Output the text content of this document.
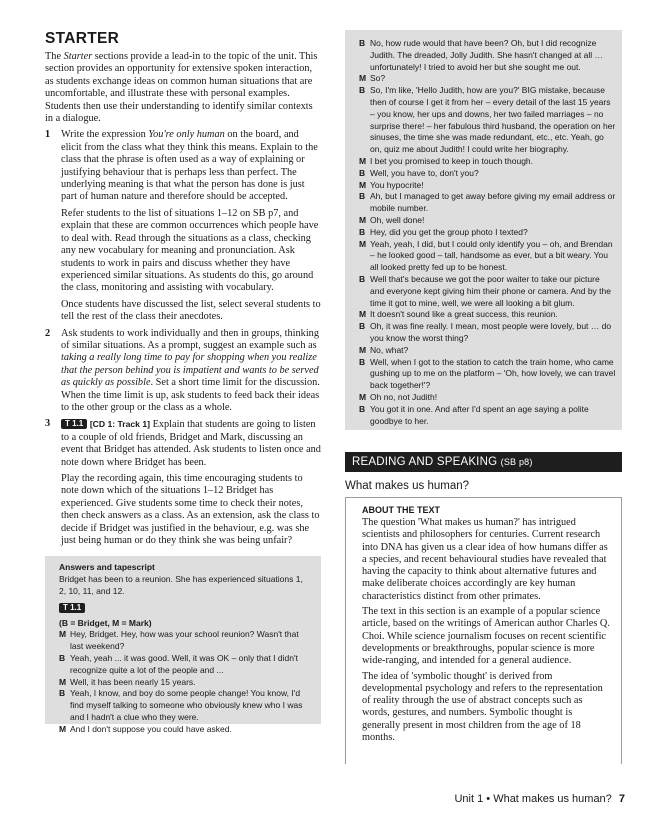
STARTER

The Starter sections provide a lead-in to the topic of the unit. This section provides an opportunity for extensive spoken interaction, as students exchange ideas on common human situations that are uncomfortable, and illustrate these with personal examples. Students then use their understanding to identify similar contexts in a dialogue.

1 Write the expression You're only human on the board, and elicit from the class what they think this means. Explain to the class that the phrase is often used as a way of explaining or justifying behaviour that is perhaps less than perfect. The underlying meaning is that what the person has done is just part of human nature and therefore should be accepted.

Refer students to the list of situations 1–12 on SB p7, and explain that these are common occurrences which people have to deal with. Read through the situations as a class, checking any new vocabulary for meaning and pronunciation. Ask students to work in pairs and discuss whether they have experienced similar situations. As students do this, go around the class, monitoring and assisting with vocabulary.

Once students have discussed the list, select several students to tell the rest of the class their anecdotes.

2 Ask students to work individually and then in groups, thinking of similar situations. As a prompt, suggest an example such as taking a really long time to pay for shopping when you realize that the person behind you is impatient and wants to be served as quickly as possible. Set a short time limit for the discussion. When the time limit is up, ask students to feed back their ideas to the other group or the class as a whole.

3	T 1.1 [CD 1: Track 1] Explain that students are going to listen to a couple of old friends, Bridget and Mark, discussing an event that Bridget has attended. Ask students to listen once and note down where Bridget has been.

Play the recording again, this time encouraging students to note down which of the situations 1–12 Bridget has experienced. Give students some time to check their notes, then check answers as a class. As an extension, ask the class to decide if Bridget was justified in the behaviour, e.g. was she just being human or do they think she was being unfair?

Answers and tapescript
Bridget has been to a reunion. She has experienced situations 1, 2, 10, 11, and 12.
T 1.1
(B = Bridget, M = Mark)
M Hey, Bridget. Hey, how was your school reunion? Wasn't that last weekend?
B Yeah, yeah ... it was good. Well, it was OK – only that I didn't recognize quite a lot of the people and ...
M Well, it has been nearly 15 years.
B Yeah, I know, and boy do some people change! You know, I'd find myself talking to someone who obviously knew who I was and I hadn't a clue who they were.
M And I don't suppose you could have asked.
B No, how rude would that have been? Oh, but I did recognize Judith. The dreaded, Jolly Judith. She hasn't changed at all … unfortunately! I tried to avoid her but she sought me out.
M So?
B So, I'm like, 'Hello Judith, how are you?' BIG mistake, because then of course I get it from her – every detail of the last 15 years – you know, her ups and downs, her two failed marriages – no surprise there! – her fabulous third husband, the operation on her sinuses, the time she was made redundant, etc., etc. Yeah, go on, quiz me about Judith! I could write her biography.
M I bet you promised to keep in touch though.
B Well, you have to, don't you?
M You hypocrite!
B Ah, but I managed to get away before giving my email address or mobile number.
M Oh, well done!
B Hey, did you get the group photo I texted?
M Yeah, yeah, I did, but I could only identify you – oh, and Brendan – he looked good – tall, handsome as ever, but a bit weary. You all looked pretty fed up to be honest.
B Well that's because we got the poor waiter to take our picture and everyone kept giving him their phone or camera. And by the time it got to mine, well, we were all looking a bit glum.
M It doesn't sound like a great success, this reunion.
B Oh, it was fine really. I mean, most people were lovely, but … do you know the worst thing?
M No, what?
B Well, when I got to the station to catch the train home, who came gushing up to me on the platform – 'Oh, how lovely, we can travel back together!'?
M Oh no, not Judith!
B You got it in one. And after I'd spent an age saying a polite goodbye to her.
READING AND SPEAKING (SB p8)
What makes us human?
ABOUT THE TEXT

The question 'What makes us human?' has intrigued scientists and philosophers for centuries. Current research into DNA has given us a clear idea of how humans differ as a species, and recent behavioural studies have revealed that having the capacity to think about alternative futures and make deliberate choices accordingly are key human characteristics distinct from other primates.

The text in this section is an example of a popular science article, based on the writings of American author Charles Q. Choi. While science journalism focuses on recent scientific developments or breakthroughs, popular science is more wide-ranging, and intended for a general audience.

The idea of 'symbolic thought' is derived from developmental psychology and refers to the representation of reality through the use of abstract concepts such as words, gestures, and numbers. Symbolic thought is generally present in most children from the age of 18 months.

Unit 1 • What makes us human? 7
